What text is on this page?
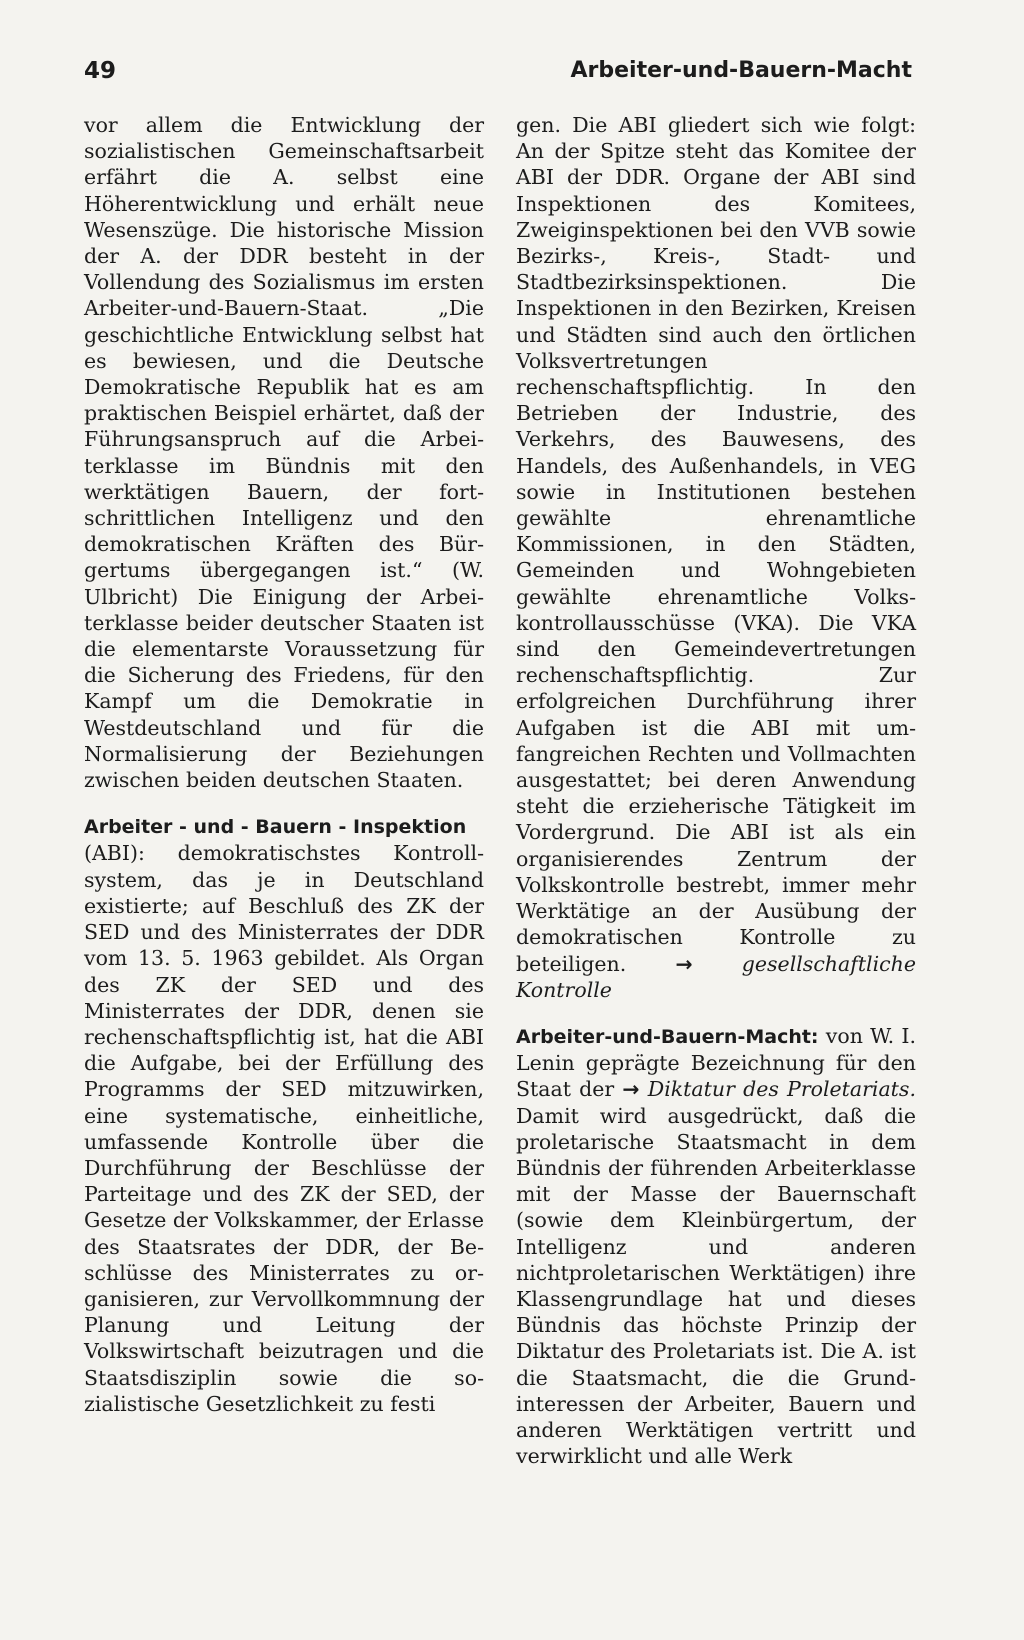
49	Arbeiter-und-Bauern-Macht

vor allem die Entwicklung der sozialistischen Gemeinschaftsarbeit erfährt die A. selbst eine Höherentwicklung und erhält neue Wesenszüge. Die historische Mission der A. der DDR besteht in der Vollendung des Sozialismus im ersten Arbeiter-und-Bauern-Staat. „Die geschichtliche Entwicklung selbst hat es bewiesen, und die Deutsche Demokratische Republik hat es am praktischen Beispiel erhärtet, daß der Führungsanspruch auf die Arbeiterklasse im Bündnis mit den werktätigen Bauern, der fortschrittlichen Intelligenz und den demokratischen Kräften des Bürgertums übergegangen ist.“ (W. Ulbricht) Die Einigung der Arbeiterklasse beider deutscher Staaten ist die elementarste Voraussetzung für die Sicherung des Friedens, für den Kampf um die Demokratie in Westdeutschland und für die Normalisierung der Beziehungen zwischen beiden deutschen Staaten.

Arbeiter - und - Bauern - Inspektion
(ABI): demokratischstes Kontrollsystem, das je in Deutschland existierte; auf Beschluß des ZK der SED und des Ministerrates der DDR vom 13. 5. 1963 gebildet. Als Organ des ZK der SED und des Ministerrates der DDR, denen sie rechenschaftspflichtig ist, hat die ABI die Aufgabe, bei der Erfüllung des Programms der SED mitzuwirken, eine systematische, einheitliche, umfassende Kontrolle über die Durchführung der Beschlüsse der Parteitage und des ZK der SED, der Gesetze der Volkskammer, der Erlasse des Staatsrates der DDR, der Beschlüsse des Ministerrates zu organisieren, zur Vervollkommnung der Planung und Leitung der Volkswirtschaft beizutragen und die Staatsdisziplin sowie die sozialistische Gesetzlichkeit zu festi

gen. Die ABI gliedert sich wie folgt: An der Spitze steht das Komitee der ABI der DDR. Organe der ABI sind Inspektionen des Komitees, Zweiginspektionen bei den VVB sowie Bezirks-, Kreis-, Stadt- und Stadtbezirksinspektionen. Die Inspektionen in den Bezirken, Kreisen und Städten sind auch den örtlichen Volksvertretungen rechenschaftspflichtig. In den Betrieben der Industrie, des Verkehrs, des Bauwesens, des Handels, des Außenhandels, in VEG sowie in Institutionen bestehen gewählte ehrenamtliche Kommissionen, in den Städten, Gemeinden und Wohngebieten gewählte ehrenamtliche Volkskontrollausschüsse (VKA). Die VKA sind den Gemeindevertretungen rechenschaftspflichtig. Zur erfolgreichen Durchführung ihrer Aufgaben ist die ABI mit umfangreichen Rechten und Vollmachten ausgestattet; bei deren Anwendung steht die erzieherische Tätigkeit im Vordergrund. Die ABI ist als ein organisierendes Zentrum der Volkskontrolle bestrebt, immer mehr Werktätige an der Ausübung der demokratischen Kontrolle zu beteiligen. → gesellschaftliche Kontrolle

Arbeiter-und-Bauern-Macht: von W. I. Lenin geprägte Bezeichnung für den Staat der → Diktatur des Proletariats. Damit wird ausgedrückt, daß die proletarische Staatsmacht in dem Bündnis der führenden Arbeiterklasse mit der Masse der Bauernschaft (sowie dem Kleinbürgertum, der Intelligenz und anderen nichtproletarischen Werktätigen) ihre Klassengrundlage hat und dieses Bündnis das höchste Prinzip der Diktatur des Proletariats ist. Die A. ist die Staatsmacht, die die Grundinteressen der Arbeiter, Bauern und anderen Werktätigen vertritt und verwirklicht und alle Werk
